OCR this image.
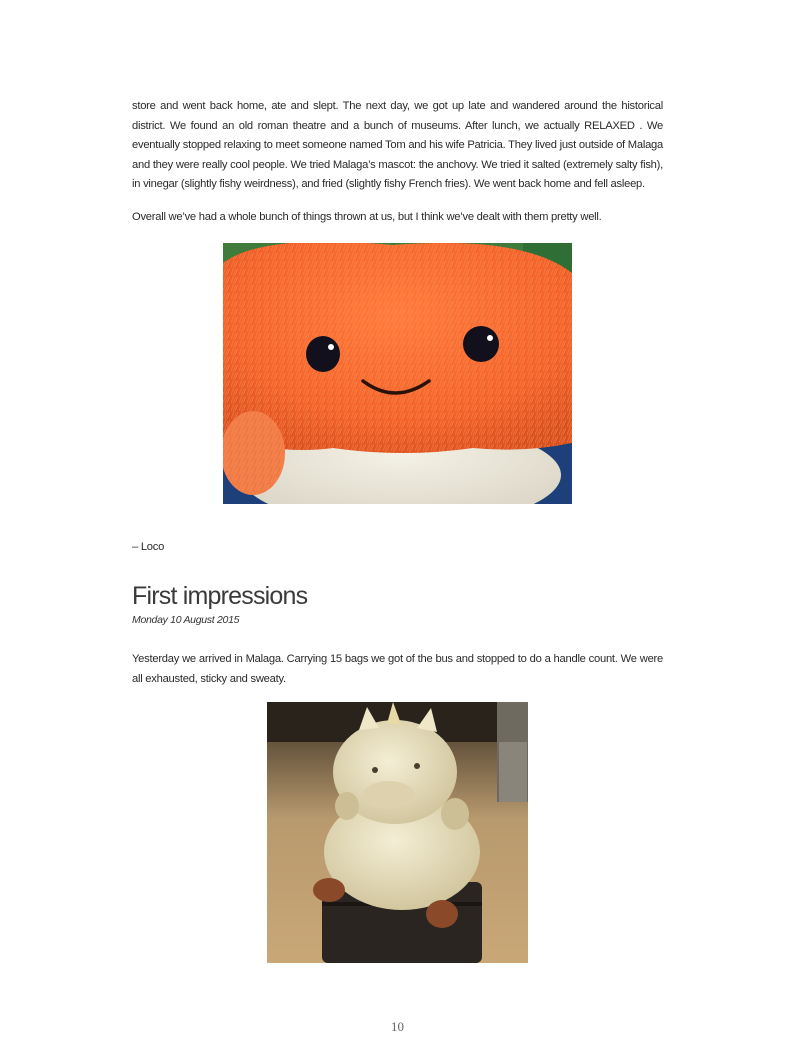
store and went back home, ate and slept. The next day, we got up late and wandered around the historical district. We found an old roman theatre and a bunch of museums. After lunch, we actually RELAXED . We eventually stopped relaxing to meet someone named Tom and his wife Patricia. They lived just outside of Malaga and they were really cool people. We tried Malaga’s mascot: the anchovy. We tried it salted (extremely salty fish), in vinegar (slightly fishy weirdness), and fried (slightly fishy French fries). We went back home and fell asleep.

Overall we’ve had a whole bunch of things thrown at us, but I think we’ve dealt with them pretty well.

– Loco
First impressions
Monday 10 August 2015

Yesterday we arrived in Malaga. Carrying 15 bags we got of the bus and stopped to do a handle count. We were all exhausted, sticky and sweaty.

10
